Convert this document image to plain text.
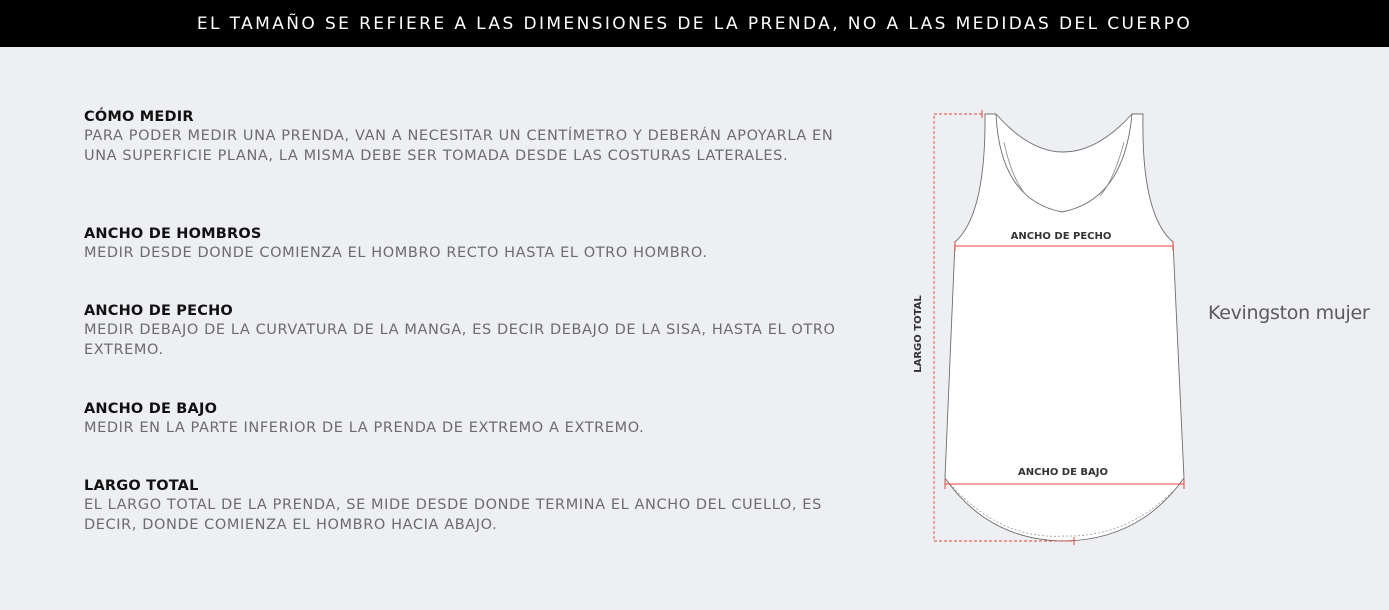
EL TAMAÑO SE REFIERE A LAS DIMENSIONES DE LA PRENDA, NO A LAS MEDIDAS DEL CUERPO
CÓMO MEDIR

PARA PODER MEDIR UNA PRENDA, VAN A NECESITAR UN CENTÍMETRO Y DEBERÁN APOYARLA EN UNA SUPERFICIE PLANA, LA MISMA DEBE SER TOMADA DESDE LAS COSTURAS LATERALES.

ANCHO DE HOMBROS

MEDIR DESDE DONDE COMIENZA EL HOMBRO RECTO HASTA EL OTRO HOMBRO.

ANCHO DE PECHO

MEDIR DEBAJO DE LA CURVATURA DE LA MANGA, ES DECIR DEBAJO DE LA SISA, HASTA EL OTRO EXTREMO.

ANCHO DE BAJO

MEDIR EN LA PARTE INFERIOR DE LA PRENDA DE EXTREMO A EXTREMO.

LARGO TOTAL

EL LARGO TOTAL DE LA PRENDA, SE MIDE DESDE DONDE TERMINA EL ANCHO DEL CUELLO, ES DECIR, DONDE COMIENZA EL HOMBRO HACIA ABAJO.

LARGO TOTAL
ANCHO DE PECHO
ANCHO DE BAJO
Kevingston mujer
